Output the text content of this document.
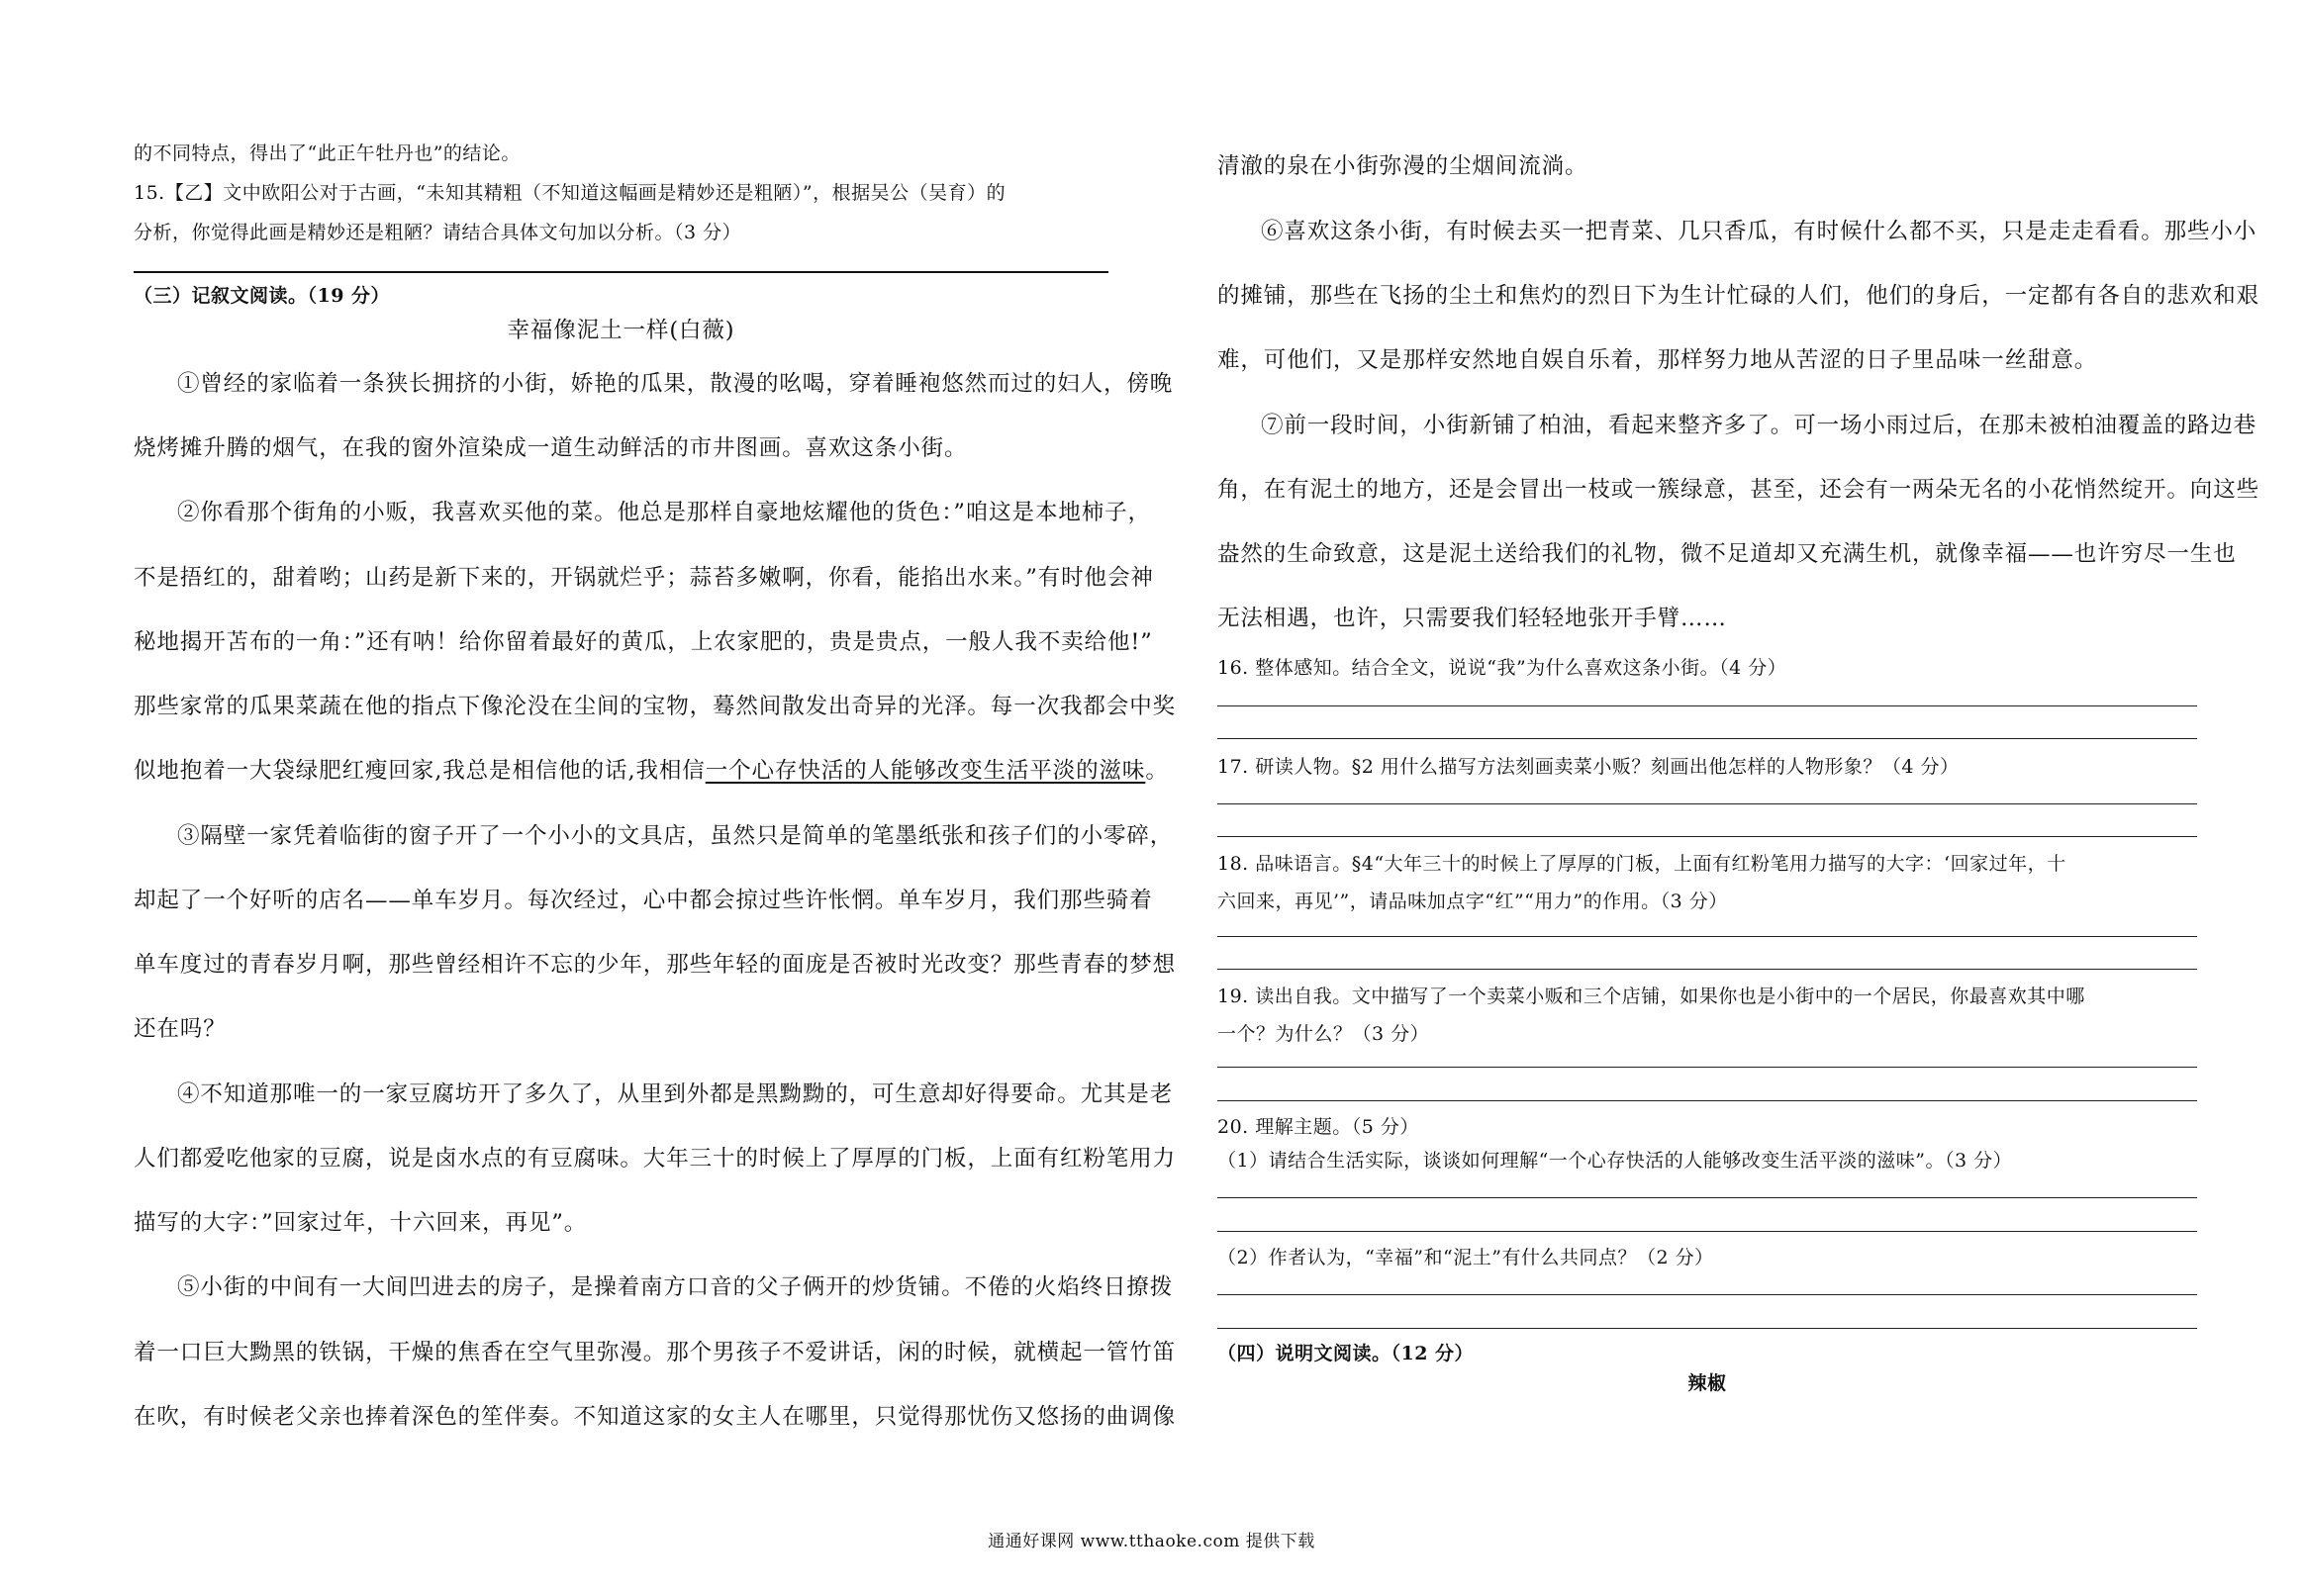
的不同特点，得出了“此正午牡丹也”的结论。
15.【乙】文中欧阳公对于古画，“未知其精粗（不知道这幅画是精妙还是粗陋）”，根据吴公（吴育）的
分析，你觉得此画是精妙还是粗陋？请结合具体文句加以分析。（3 分）
（三）记叙文阅读。（19 分）
幸福像泥土一样(白薇)
①曾经的家临着一条狭长拥挤的小街，娇艳的瓜果，散漫的吆喝，穿着睡袍悠然而过的妇人，傍晚
烧烤摊升腾的烟气，在我的窗外渲染成一道生动鲜活的市井图画。喜欢这条小街。
②你看那个街角的小贩，我喜欢买他的菜。他总是那样自豪地炫耀他的货色：”咱这是本地柿子，
不是捂红的，甜着哟；山药是新下来的，开锅就烂乎；蒜苔多嫩啊，你看，能掐出水来。”有时他会神
秘地揭开苫布的一角：”还有呐！给你留着最好的黄瓜，上农家肥的，贵是贵点，一般人我不卖给他!”
那些家常的瓜果菜蔬在他的指点下像沦没在尘间的宝物，蓦然间散发出奇异的光泽。每一次我都会中奖
似地抱着一大袋绿肥红瘦回家,我总是相信他的话,我相信一个心存快活的人能够改变生活平淡的滋味。
③隔壁一家凭着临街的窗子开了一个小小的文具店，虽然只是简单的笔墨纸张和孩子们的小零碎，
却起了一个好听的店名——单车岁月。每次经过，心中都会掠过些许怅惘。单车岁月，我们那些骑着
单车度过的青春岁月啊，那些曾经相许不忘的少年，那些年轻的面庞是否被时光改变？那些青春的梦想
还在吗？
④不知道那唯一的一家豆腐坊开了多久了，从里到外都是黑黝黝的，可生意却好得要命。尤其是老
人们都爱吃他家的豆腐，说是卤水点的有豆腐味。大年三十的时候上了厚厚的门板，上面有红粉笔用力
描写的大字：”回家过年，十六回来，再见”。
⑤小街的中间有一大间凹进去的房子，是操着南方口音的父子俩开的炒货铺。不倦的火焰终日撩拨
着一口巨大黝黑的铁锅，干燥的焦香在空气里弥漫。那个男孩子不爱讲话，闲的时候，就横起一管竹笛
在吹，有时候老父亲也捧着深色的笙伴奏。不知道这家的女主人在哪里，只觉得那忧伤又悠扬的曲调像
清澈的泉在小街弥漫的尘烟间流淌。
⑥喜欢这条小街，有时候去买一把青菜、几只香瓜，有时候什么都不买，只是走走看看。那些小小
的摊铺，那些在飞扬的尘土和焦灼的烈日下为生计忙碌的人们，他们的身后，一定都有各自的悲欢和艰
难，可他们，又是那样安然地自娱自乐着，那样努力地从苦涩的日子里品味一丝甜意。
⑦前一段时间，小街新铺了柏油，看起来整齐多了。可一场小雨过后，在那未被柏油覆盖的路边巷
角，在有泥土的地方，还是会冒出一枝或一簇绿意，甚至，还会有一两朵无名的小花悄然绽开。向这些
盎然的生命致意，这是泥土送给我们的礼物，微不足道却又充满生机，就像幸福——也许穷尽一生也
无法相遇，也许，只需要我们轻轻地张开手臂……
16. 整体感知。结合全文，说说“我”为什么喜欢这条小街。（4 分）
17. 研读人物。§2 用什么描写方法刻画卖菜小贩？刻画出他怎样的人物形象？（4 分）
18. 品味语言。§4“大年三十的时候上了厚厚的门板，上面有红粉笔用力描写的大字：‘回家过年，十
六回来，再见’”，请品味加点字“红”“用力”的作用。（3 分）
19. 读出自我。文中描写了一个卖菜小贩和三个店铺，如果你也是小街中的一个居民，你最喜欢其中哪
一个？为什么？（3 分）
20. 理解主题。（5 分）
（1）请结合生活实际，谈谈如何理解“一个心存快活的人能够改变生活平淡的滋味”。（3 分）
（2）作者认为，“幸福”和“泥土”有什么共同点？（2 分）
（四）说明文阅读。（12 分）
辣椒
通通好课网 www.tthaoke.com 提供下载
